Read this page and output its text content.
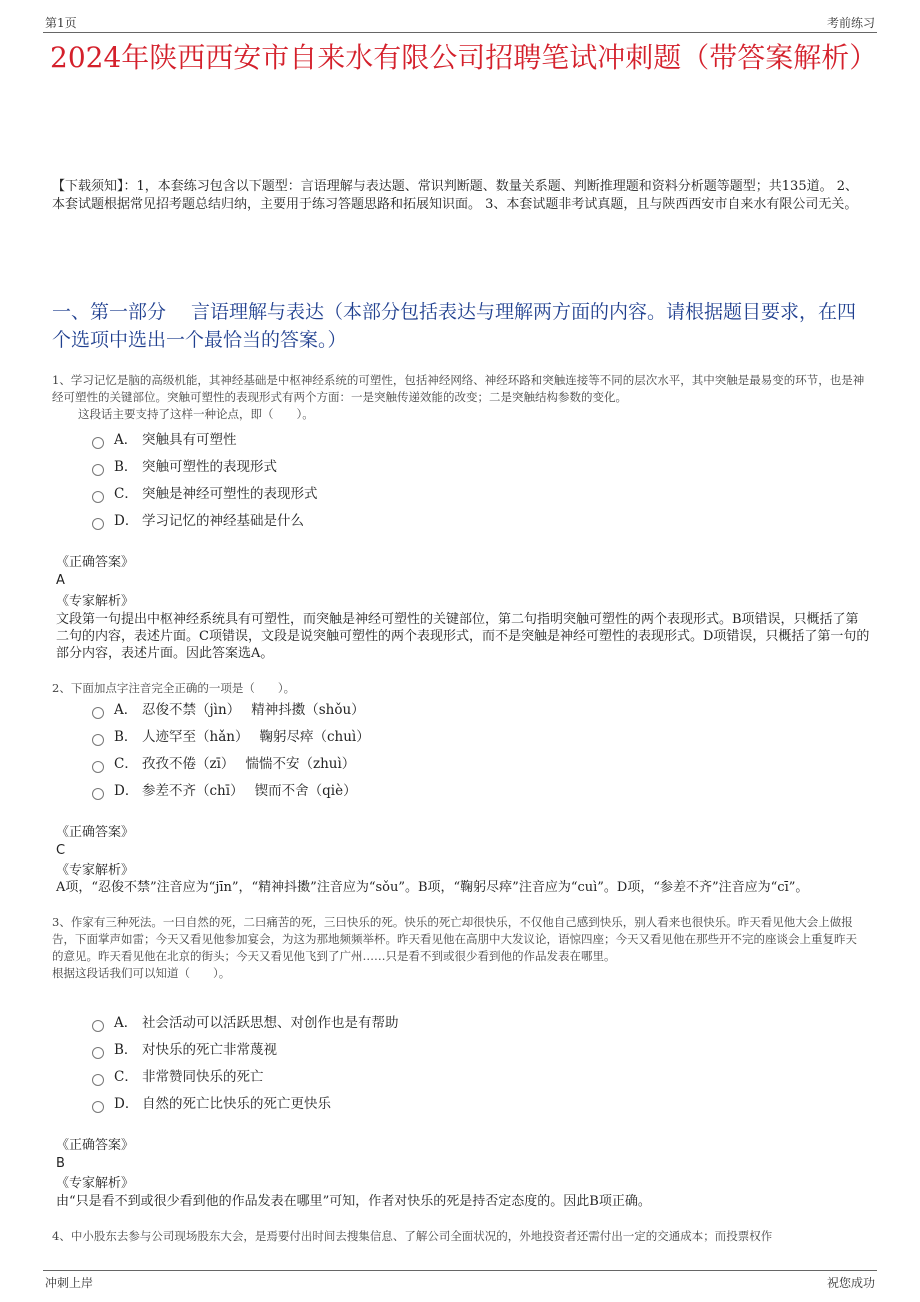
第1页	考前练习
2024年陕西西安市自来水有限公司招聘笔试冲刺题（带答案解析）
【下载须知】：1，本套练习包含以下题型：言语理解与表达题、常识判断题、数量关系题、判断推理题和资料分析题等题型；共135道。 2、本套试题根据常见招考题总结归纳，主要用于练习答题思路和拓展知识面。 3、本套试题非考试真题，且与陕西西安市自来水有限公司无关。
一、第一部分　 言语理解与表达（本部分包括表达与理解两方面的内容。请根据题目要求，在四个选项中选出一个最恰当的答案。）
1、学习记忆是脑的高级机能，其神经基础是中枢神经系统的可塑性，包括神经网络、神经环路和突触连接等不同的层次水平，其中突触是最易变的环节，也是神经可塑性的关键部位。突触可塑性的表现形式有两个方面：一是突触传递效能的改变；二是突触结构参数的变化。
这段话主要支持了这样一种论点，即（　　）。
A． 突触具有可塑性
B． 突触可塑性的表现形式
C． 突触是神经可塑性的表现形式
D． 学习记忆的神经基础是什么
《正确答案》
A
《专家解析》
文段第一句提出中枢神经系统具有可塑性，而突触是神经可塑性的关键部位，第二句指明突触可塑性的两个表现形式。B项错误，只概括了第二句的内容，表述片面。C项错误，文段是说突触可塑性的两个表现形式，而不是突触是神经可塑性的表现形式。D项错误，只概括了第一句的部分内容，表述片面。因此答案选A。
2、下面加点字注音完全正确的一项是（　　）。
A． 忍俊不禁（jìn）　 精神抖擞（shǒu）
B． 人迹罕至（hǎn）　 鞠躬尽瘁（chuì）
C． 孜孜不倦（zī）　 惴惴不安（zhuì）
D． 参差不齐（chī）　 锲而不舍（qiè）
《正确答案》
C
《专家解析》
A项，“忍俊不禁”注音应为“jīn”，“精神抖擞”注音应为“sǒu”。B项，“鞠躬尽瘁”注音应为“cuì”。D项，“参差不齐”注音应为“cī”。
3、作家有三种死法。一曰自然的死，二曰痛苦的死，三曰快乐的死。快乐的死亡却很快乐，不仅他自己感到快乐，别人看来也很快乐。昨天看见他大会上做报告，下面掌声如雷；今天又看见他参加宴会，为这为那地频频举杯。昨天看见他在高朋中大发议论，语惊四座；今天又看见他在那些开不完的座谈会上重复昨天的意见。昨天看见他在北京的街头；今天又看见他飞到了广州……只是看不到或很少看到他的作品发表在哪里。
根据这段话我们可以知道（　　）。
A． 社会活动可以活跃思想、对创作也是有帮助
B． 对快乐的死亡非常蔑视
C． 非常赞同快乐的死亡
D． 自然的死亡比快乐的死亡更快乐
《正确答案》
B
《专家解析》
由“只是看不到或很少看到他的作品发表在哪里”可知，作者对快乐的死是持否定态度的。因此B项正确。
4、中小股东去参与公司现场股东大会，是焉要付出时间去搜集信息、了解公司全面状况的，外地投资者还需付出一定的交通成本；而投票权作
冲刺上岸	祝您成功
